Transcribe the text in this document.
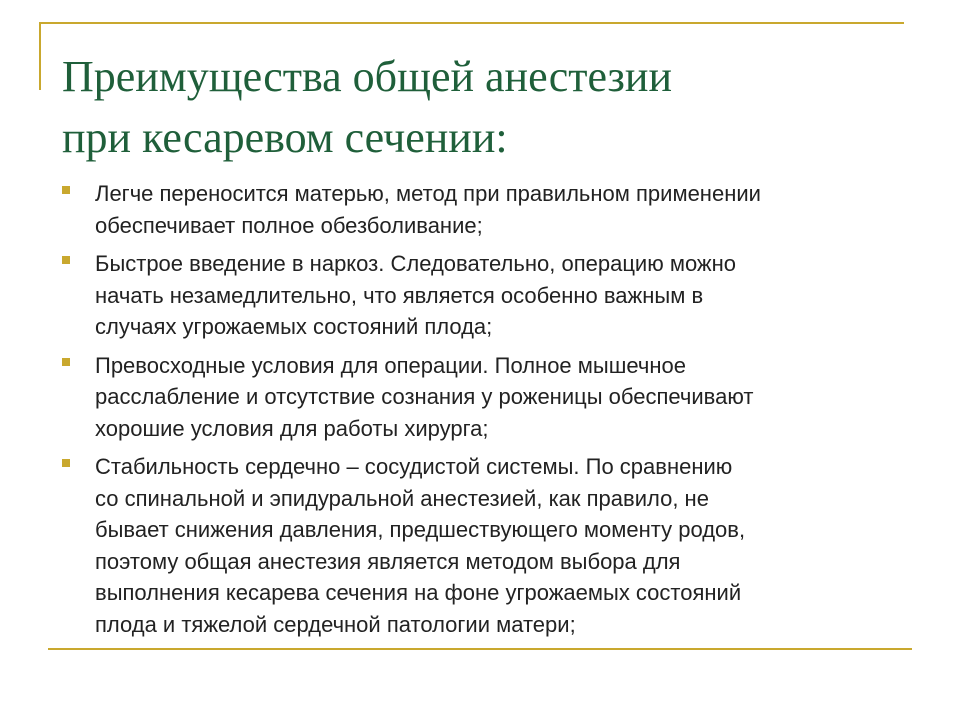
Преимущества общей анестезии
при кесаревом сечении:
Легче переносится матерью, метод при правильном применении
обеспечивает полное обезболивание;
Быстрое введение в наркоз. Следовательно, операцию можно
начать незамедлительно, что является особенно важным в
случаях угрожаемых состояний плода;
Превосходные условия для операции. Полное мышечное
расслабление и отсутствие сознания у роженицы обеспечивают
хорошие условия для работы хирурга;
Стабильность сердечно – сосудистой системы. По сравнению
со спинальной и эпидуральной анестезией, как правило, не
бывает снижения давления, предшествующего моменту родов,
поэтому общая анестезия является методом выбора для
выполнения кесарева сечения на фоне угрожаемых состояний
плода и тяжелой сердечной патологии матери;
